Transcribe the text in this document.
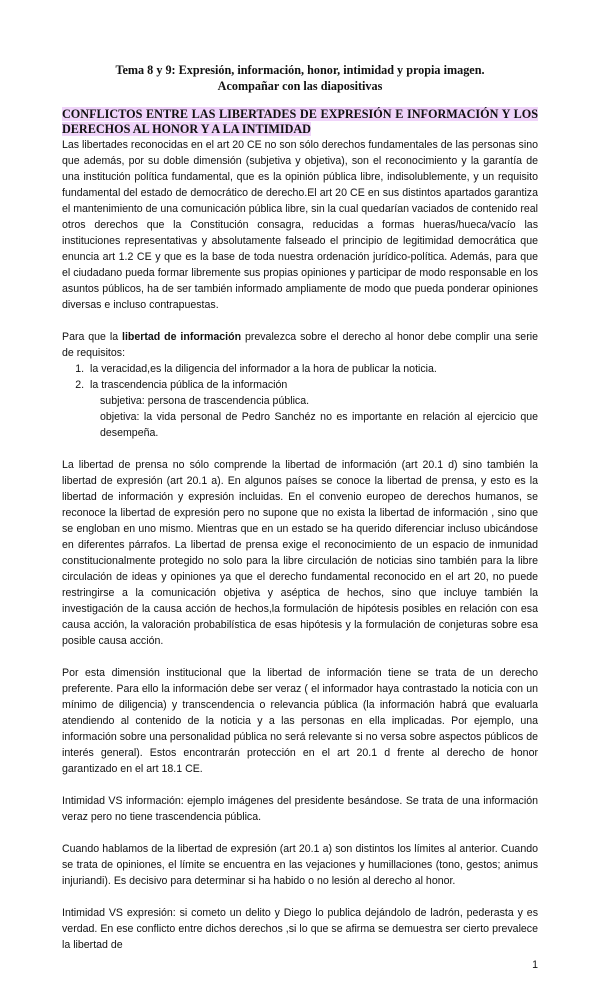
Tema 8 y 9: Expresión, información, honor, intimidad y propia imagen.
Acompañar con las diapositivas
CONFLICTOS ENTRE LAS LIBERTADES DE EXPRESIÓN E INFORMACIÓN Y LOS DERECHOS AL HONOR Y A LA INTIMIDAD

Las libertades reconocidas en el art 20 CE no son sólo derechos fundamentales de las personas sino que además, por su doble dimensión (subjetiva y objetiva), son el reconocimiento y la garantía de una institución política fundamental, que es la opinión pública libre, indisolublemente, y un requisito fundamental del estado de democrático de derecho.El art 20 CE en sus distintos apartados garantiza el mantenimiento de una comunicación pública libre, sin la cual quedarían vaciados de contenido real otros derechos que la Constitución consagra, reducidas a formas hueras/hueca/vacío las instituciones representativas y absolutamente falseado el principio de legitimidad democrática que enuncia art 1.2 CE y que es la base de toda nuestra ordenación jurídico-política. Además, para que el ciudadano pueda formar libremente sus propias opiniones y participar de modo responsable en los asuntos públicos, ha de ser también informado ampliamente de modo que pueda ponderar opiniones diversas e incluso contrapuestas.

Para que la libertad de información prevalezca sobre el derecho al honor debe complir una serie de requisitos:

1. la veracidad,es la diligencia del informador a la hora de publicar la noticia.
2. la trascendencia pública de la información
subjetiva: persona de trascendencia pública.
objetiva: la vida personal de Pedro Sanchéz no es importante en relación al ejercicio que desempeña.

La libertad de prensa no sólo comprende la libertad de información (art 20.1 d) sino también la libertad de expresión (art 20.1 a). En algunos países se conoce la libertad de prensa, y esto es la libertad de información y expresión incluidas. En el convenio europeo de derechos humanos, se reconoce la libertad de expresión pero no supone que no exista la libertad de información , sino que se engloban en uno mismo. Mientras que en un estado se ha querido diferenciar incluso ubicándose en diferentes párrafos. La libertad de prensa exige el reconocimiento de un espacio de inmunidad constitucionalmente protegido no solo para la libre circulación de noticias sino también para la libre circulación de ideas y opiniones ya que el derecho fundamental reconocido en el art 20, no puede restringirse a la comunicación objetiva y aséptica de hechos, sino que incluye también la investigación de la causa acción de hechos,la formulación de hipótesis posibles en relación con esa causa acción, la valoración probabilística de esas hipótesis y la formulación de conjeturas sobre esa posible causa acción.

Por esta dimensión institucional que la libertad de información tiene se trata de un derecho preferente. Para ello la información debe ser veraz ( el informador haya contrastado la noticia con un mínimo de diligencia) y transcendencia o relevancia pública (la información habrá que evaluarla atendiendo al contenido de la noticia y a las personas en ella implicadas. Por ejemplo, una información sobre una personalidad pública no será relevante si no versa sobre aspectos públicos de interés general). Estos encontrarán protección en el art 20.1 d frente al derecho de honor garantizado en el art 18.1 CE.

Intimidad VS información: ejemplo imágenes del presidente besándose. Se trata de una información veraz pero no tiene trascendencia pública.

Cuando hablamos de la libertad de expresión (art 20.1 a) son distintos los límites al anterior. Cuando se trata de opiniones, el límite se encuentra en las vejaciones y humillaciones (tono, gestos; animus injuriandi). Es decisivo para determinar si ha habido o no lesión al derecho al honor.

Intimidad VS expresión: si cometo un delito y Diego lo publica dejándolo de ladrón, pederasta y es verdad. En ese conflicto entre dichos derechos ,si lo que se afirma se demuestra ser cierto prevalece la libertad de

1
